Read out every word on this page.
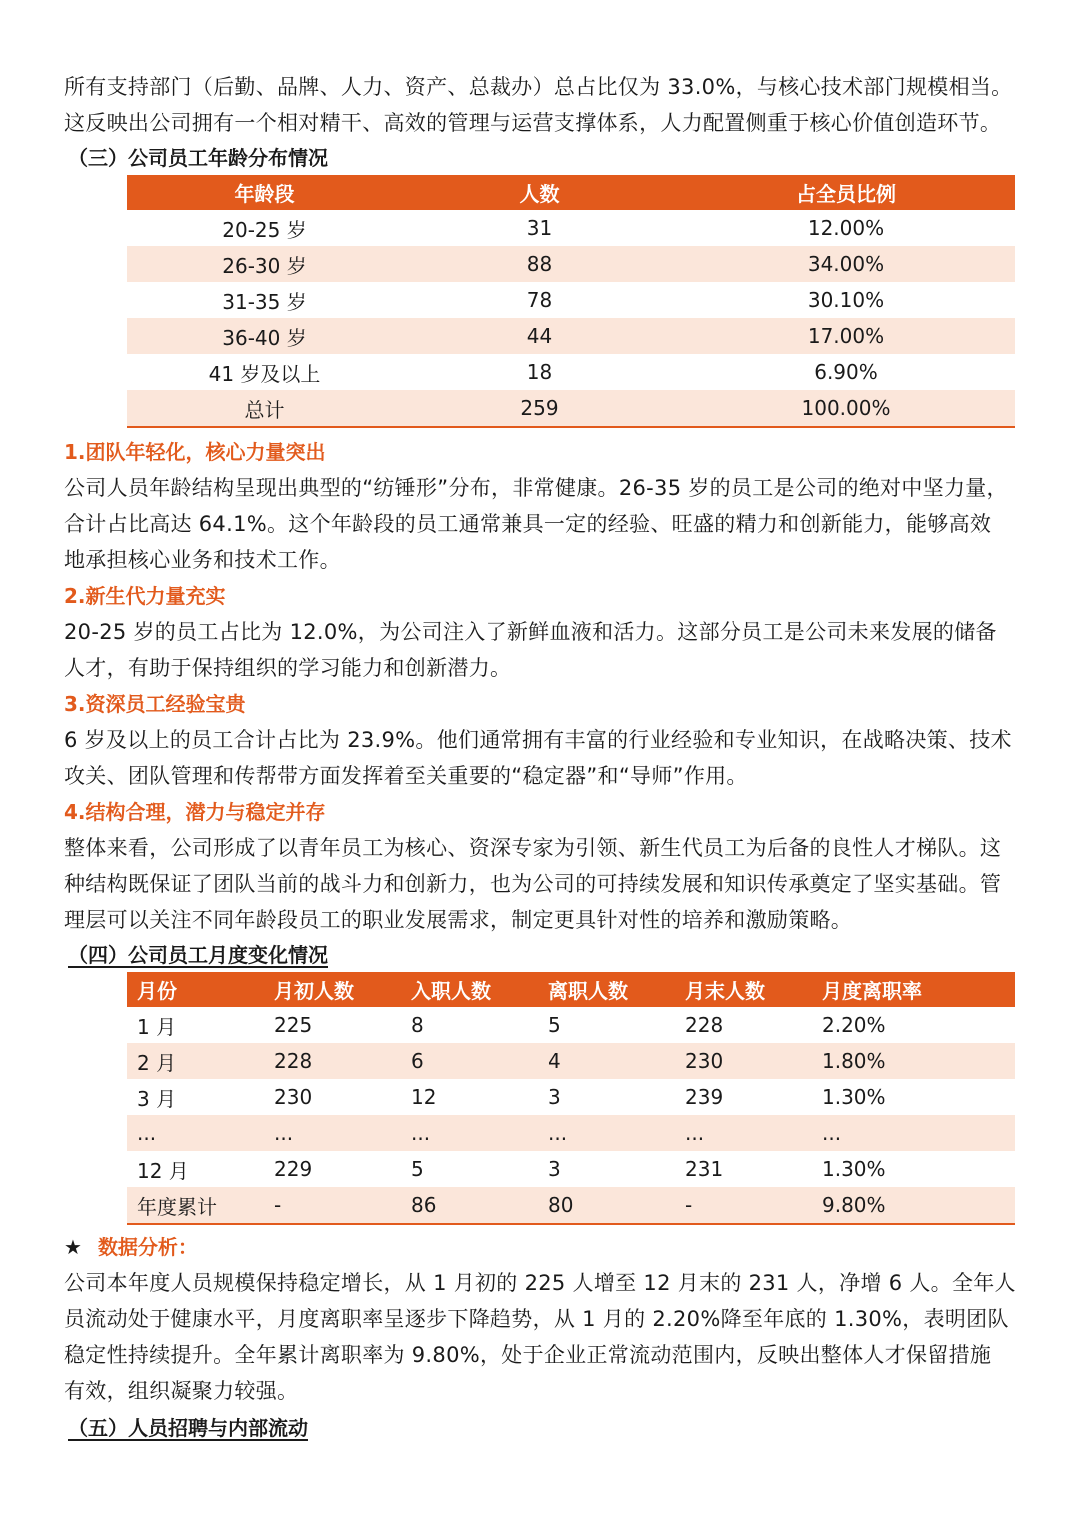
所有支持部门（后勤、品牌、人力、资产、总裁办）总占比仅为 33.0%，与核心技术部门规模相当。

这反映出公司拥有一个相对精干、高效的管理与运营支撑体系，人力配置侧重于核心价值创造环节。

（三）公司员工年龄分布情况

年龄段	人数	占全员比例
20-25 岁	31	12.00%
26-30 岁	88	34.00%
31-35 岁	78	30.10%
36-40 岁	44	17.00%
41 岁及以上	18	6.90%
总计	259	100.00%

1.团队年轻化，核心力量突出

公司人员年龄结构呈现出典型的“纺锤形”分布，非常健康。26-35 岁的员工是公司的绝对中坚力量，

合计占比高达 64.1%。这个年龄段的员工通常兼具一定的经验、旺盛的精力和创新能力，能够高效

地承担核心业务和技术工作。

2.新生代力量充实

20-25 岁的员工占比为 12.0%，为公司注入了新鲜血液和活力。这部分员工是公司未来发展的储备

人才，有助于保持组织的学习能力和创新潜力。

3.资深员工经验宝贵

6 岁及以上的员工合计占比为 23.9%。他们通常拥有丰富的行业经验和专业知识，在战略决策、技术

攻关、团队管理和传帮带方面发挥着至关重要的“稳定器”和“导师”作用。

4.结构合理，潜力与稳定并存

整体来看，公司形成了以青年员工为核心、资深专家为引领、新生代员工为后备的良性人才梯队。这

种结构既保证了团队当前的战斗力和创新力，也为公司的可持续发展和知识传承奠定了坚实基础。管

理层可以关注不同年龄段员工的职业发展需求，制定更具针对性的培养和激励策略。

（四）公司员工月度变化情况

月份	月初人数	入职人数	离职人数	月末人数	月度离职率
1 月	225	8	5	228	2.20%
2 月	228	6	4	230	1.80%
3 月	230	12	3	239	1.30%
...	...	...	...	...	...
12 月	229	5	3	231	1.30%
年度累计	-	86	80	-	9.80%

★ 数据分析：

公司本年度人员规模保持稳定增长，从 1 月初的 225 人增至 12 月末的 231 人，净增 6 人。全年人

员流动处于健康水平，月度离职率呈逐步下降趋势，从 1 月的 2.20%降至年底的 1.30%，表明团队

稳定性持续提升。全年累计离职率为 9.80%，处于企业正常流动范围内，反映出整体人才保留措施

有效，组织凝聚力较强。

（五）人员招聘与内部流动
